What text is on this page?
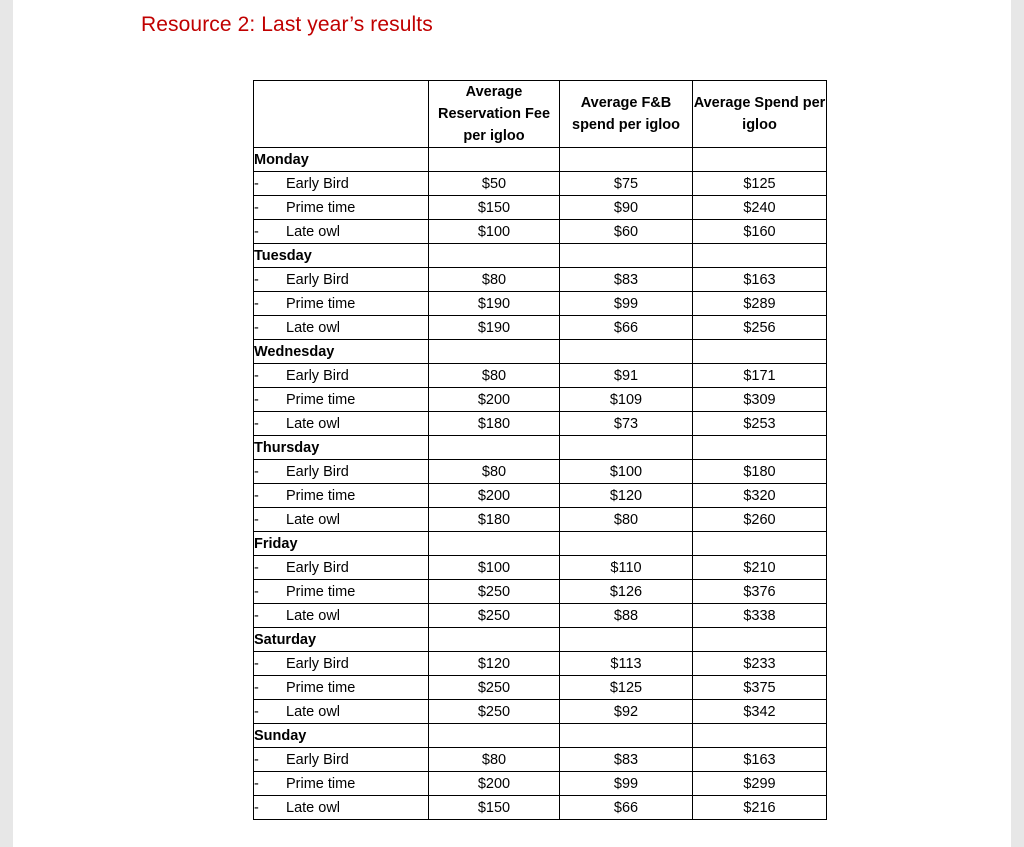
Resource 2: Last year’s results
	Average Reservation Fee per igloo	Average F&B spend per igloo	Average Spend per igloo
Monday			
- Early Bird	$50	$75	$125
- Prime time	$150	$90	$240
- Late owl	$100	$60	$160
Tuesday			
- Early Bird	$80	$83	$163
- Prime time	$190	$99	$289
- Late owl	$190	$66	$256
Wednesday			
- Early Bird	$80	$91	$171
- Prime time	$200	$109	$309
- Late owl	$180	$73	$253
Thursday			
- Early Bird	$80	$100	$180
- Prime time	$200	$120	$320
- Late owl	$180	$80	$260
Friday			
- Early Bird	$100	$110	$210
- Prime time	$250	$126	$376
- Late owl	$250	$88	$338
Saturday			
- Early Bird	$120	$113	$233
- Prime time	$250	$125	$375
- Late owl	$250	$92	$342
Sunday			
- Early Bird	$80	$83	$163
- Prime time	$200	$99	$299
- Late owl	$150	$66	$216
